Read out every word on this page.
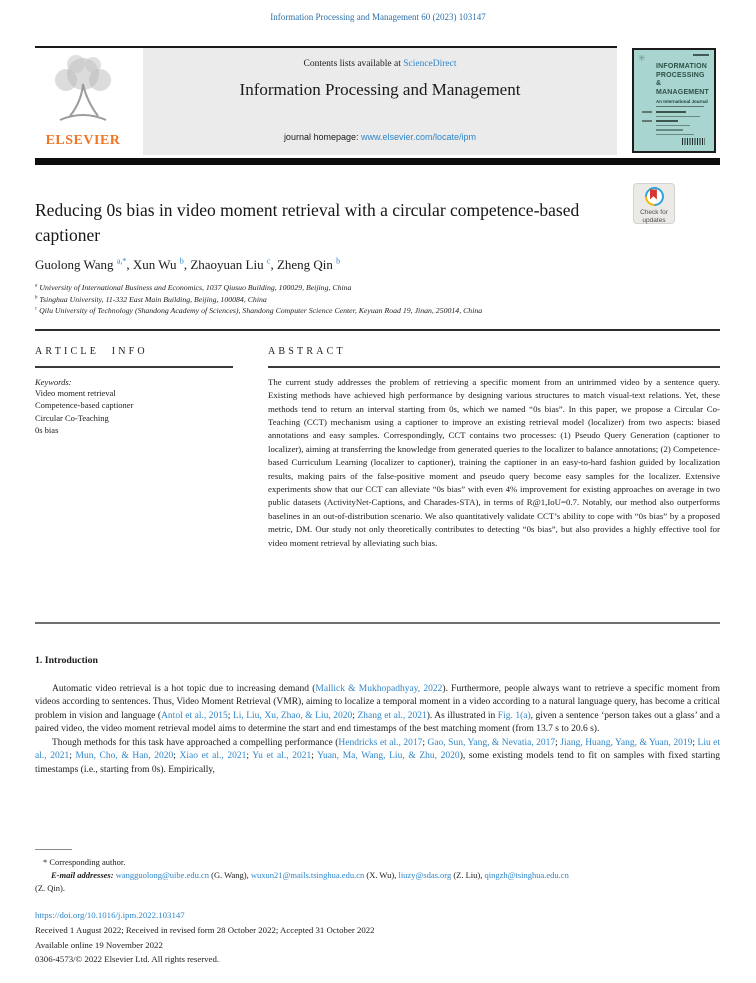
Information Processing and Management 60 (2023) 103147
ELSEVIER
Contents lists available at ScienceDirect
Information Processing and Management
journal homepage: www.elsevier.com/locate/ipm
✳
INFORMATION
PROCESSING
&
MANAGEMENT
An International Journal
Check for
updates
Reducing 0s bias in video moment retrieval with a circular competence-based captioner
Guolong Wang $^{a,*}$, Xun Wu $^b$, Zhaoyuan Liu $^c$, Zheng Qin $^b$
$^a$ University of International Business and Economics, 1037 Qiusuo Building, 100029, Beijing, China
$^b$ Tsinghua University, 11-332 East Main Building, Beijing, 100084, China
$^c$ Qilu University of Technology (Shandong Academy of Sciences), Shandong Computer Science Center, Keyuan Road 19, Jinan, 250014, China
ARTICLE INFO
Keywords:
Video moment retrieval
Competence-based captioner
Circular Co-Teaching
0s bias
ABSTRACT
The current study addresses the problem of retrieving a specific moment from an untrimmed video by a sentence query. Existing methods have achieved high performance by designing various structures to match visual-text relations. Yet, these methods tend to return an interval starting from 0s, which we named “0s bias”. In this paper, we propose a Circular Co-Teaching (CCT) mechanism using a captioner to improve an existing retrieval model (localizer) from two aspects: biased annotations and easy samples. Correspondingly, CCT contains two processes: (1) Pseudo Query Generation (captioner to localizer), aiming at transferring the knowledge from generated queries to the localizer to balance annotations; (2) Competence-based Curriculum Learning (localizer to captioner), training the captioner in an easy-to-hard fashion guided by localization results, making pairs of the false-positive moment and pseudo query become easy samples for the localizer. Extensive experiments show that our CCT can alleviate “0s bias” with even 4% improvement for existing approaches on average in two public datasets (ActivityNet-Captions, and Charades-STA), in terms of R@1,IoU=0.7. Notably, our method also outperforms baselines in an out-of-distribution scenario. We also quantitatively validate CCT’s ability to cope with “0s bias” by a proposed metric, DM. Our study not only theoretically contributes to detecting “0s bias”, but also provides a highly effective tool for video moment retrieval by alleviating such bias.
1. Introduction

Automatic video retrieval is a hot topic due to increasing demand (Mallick & Mukhopadhyay, 2022). Furthermore, people always want to retrieve a specific moment from videos according to sentences. Thus, Video Moment Retrieval (VMR), aiming to localize a temporal moment in a video according to a natural language query, has become a critical problem in vision and language (Antol et al., 2015; Li, Liu, Xu, Zhao, & Liu, 2020; Zhang et al., 2021). As illustrated in Fig. 1(a), given a sentence ‘person takes out a glass’ and a paired video, the video moment retrieval model aims to determine the start and end timestamps of the best matching moment (from 13.7 s to 20.6 s).

Though methods for this task have approached a compelling performance (Hendricks et al., 2017; Gao, Sun, Yang, & Nevatia, 2017; Jiang, Huang, Yang, & Yuan, 2019; Liu et al., 2021; Mun, Cho, & Han, 2020; Xiao et al., 2021; Yu et al., 2021; Yuan, Ma, Wang, Liu, & Zhu, 2020), some existing models tend to fit on samples with fixed starting timestamps (i.e., starting from 0s). Empirically,

* Corresponding author.
E-mail addresses: wangguolong@uibe.edu.cn (G. Wang), wuxun21@mails.tsinghua.edu.cn (X. Wu), liuzy@sdas.org (Z. Liu), qingzh@tsinghua.edu.cn
(Z. Qin).
https://doi.org/10.1016/j.ipm.2022.103147
Received 1 August 2022; Received in revised form 28 October 2022; Accepted 31 October 2022
Available online 19 November 2022
0306-4573/© 2022 Elsevier Ltd. All rights reserved.
